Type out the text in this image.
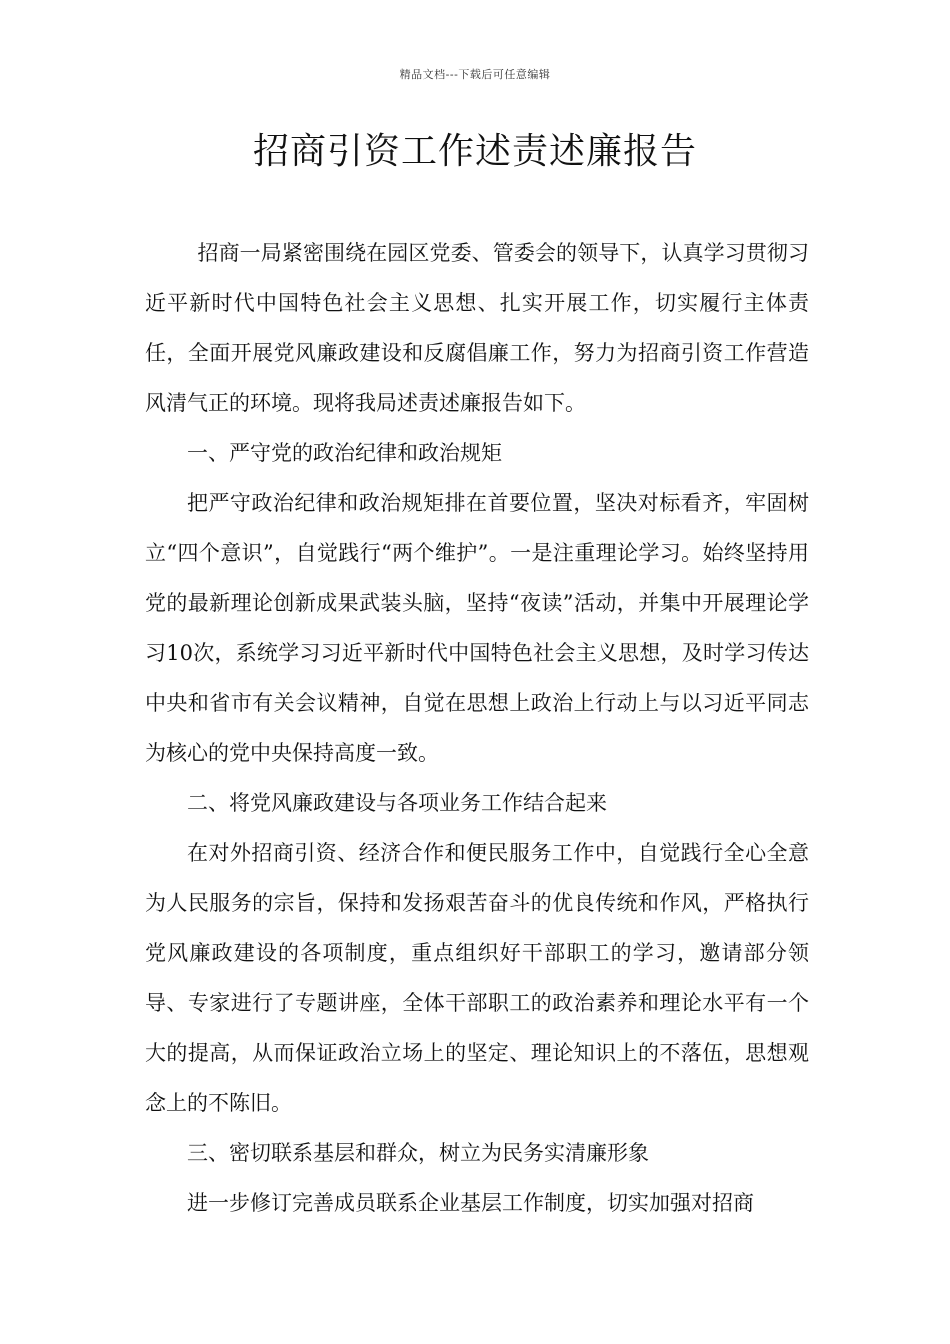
精品文档---下载后可任意编辑
招商引资工作述责述廉报告

招商一局紧密围绕在园区党委、管委会的领导下，认真学习贯彻习近平新时代中国特色社会主义思想、扎实开展工作，切实履行主体责任，全面开展党风廉政建设和反腐倡廉工作，努力为招商引资工作营造风清气正的环境。现将我局述责述廉报告如下。

一、严守党的政治纪律和政治规矩

把严守政治纪律和政治规矩排在首要位置，坚决对标看齐，牢固树立“四个意识”，自觉践行“两个维护”。一是注重理论学习。始终坚持用党的最新理论创新成果武装头脑，坚持“夜读”活动，并集中开展理论学习10次，系统学习习近平新时代中国特色社会主义思想，及时学习传达中央和省市有关会议精神，自觉在思想上政治上行动上与以习近平同志为核心的党中央保持高度一致。

二、将党风廉政建设与各项业务工作结合起来

在对外招商引资、经济合作和便民服务工作中，自觉践行全心全意为人民服务的宗旨，保持和发扬艰苦奋斗的优良传统和作风，严格执行党风廉政建设的各项制度，重点组织好干部职工的学习，邀请部分领导、专家进行了专题讲座，全体干部职工的政治素养和理论水平有一个大的提高，从而保证政治立场上的坚定、理论知识上的不落伍，思想观念上的不陈旧。

三、密切联系基层和群众，树立为民务实清廉形象

进一步修订完善成员联系企业基层工作制度，切实加强对招商
